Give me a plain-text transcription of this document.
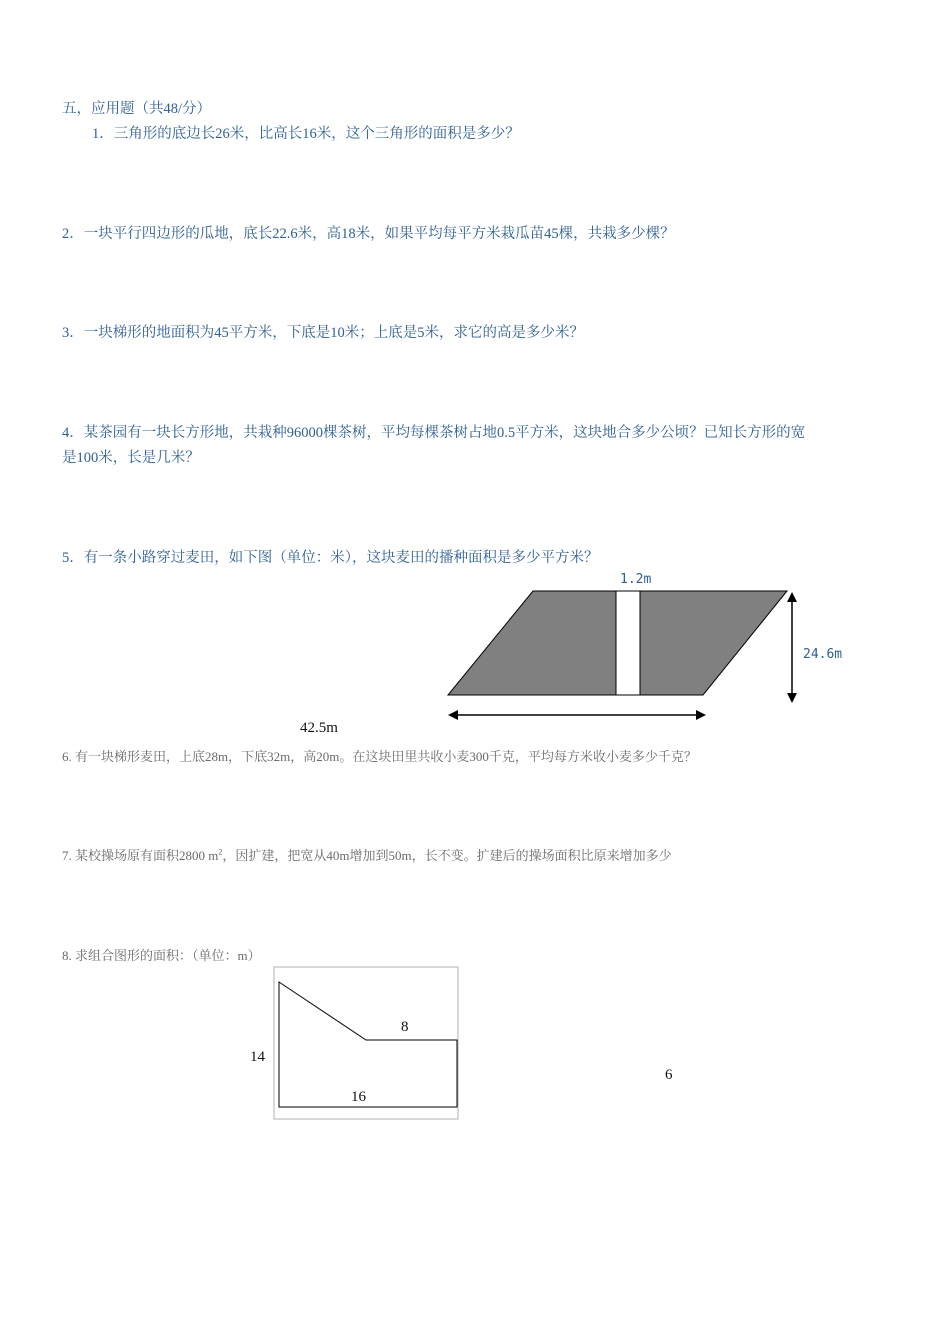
五，应用题（共48/分）
1．三角形的底边长26米，比高长16米，这个三角形的面积是多少？
2．一块平行四边形的瓜地，底长22.6米，高18米，如果平均每平方米栽瓜苗45棵，共栽多少棵？
3．一块梯形的地面积为45平方米，下底是10米；上底是5米，求它的高是多少米？
4．某茶园有一块长方形地，共栽种96000棵茶树，平均每棵茶树占地0.5平方米，这块地合多少公顷？已知长方形的宽
是100米，长是几米？
5．有一条小路穿过麦田，如下图（单位：米），这块麦田的播种面积是多少平方米？
1.2m
24.6m
42.5m
6. 有一块梯形麦田，上底28m，下底32m，高20m。在这块田里共收小麦300千克，平均每方米收小麦多少千克？
7. 某校操场原有面积2800 $m^2$，因扩建，把宽从40m增加到50m，长不变。扩建后的操场面积比原来增加多少
8. 求组合图形的面积：（单位：m）
14
8
16
6
